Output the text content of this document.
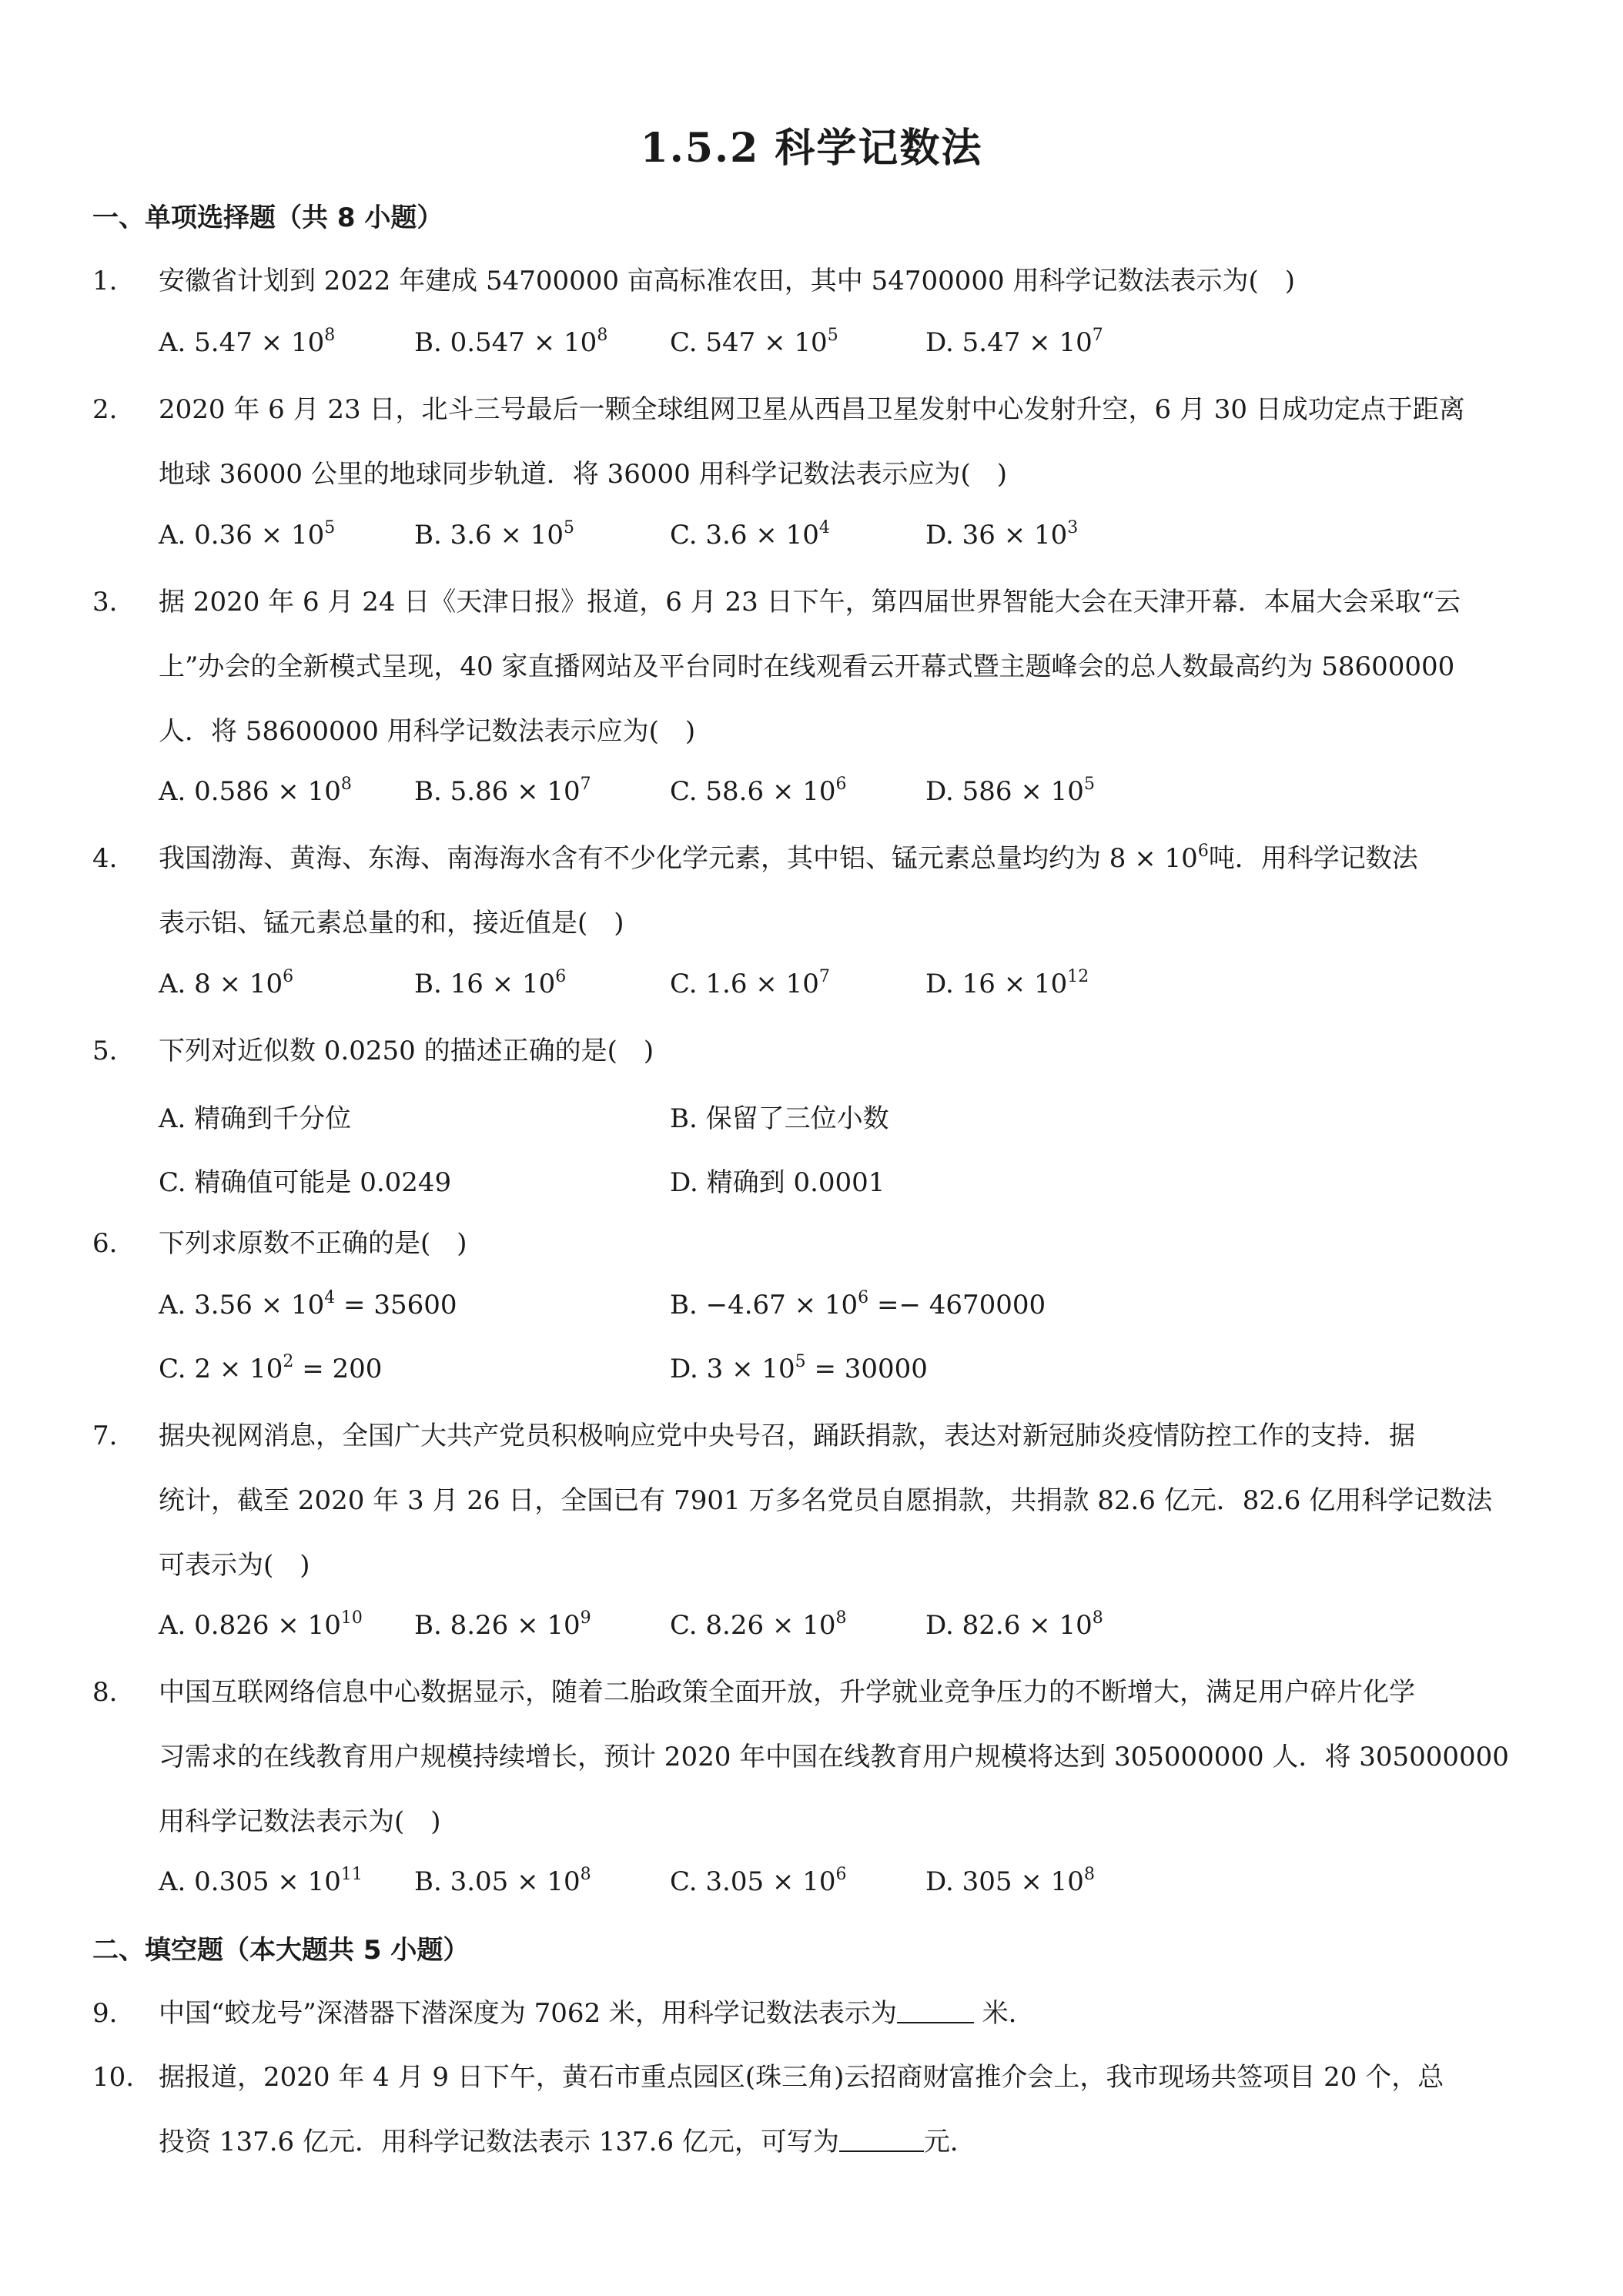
1.5.2 科学记数法
一、单项选择题（共 8 小题）
1.	安徽省计划到 2022 年建成 54700000 亩高标准农田，其中 54700000 用科学记数法表示为(　)
A. $5.47 \times 10^8$	B. $0.547 \times 10^8$ C. $547 \times 10^5$	D. $5.47 \times 10^7$
2.	2020 年 6 月 23 日，北斗三号最后一颗全球组网卫星从西昌卫星发射中心发射升空，6 月 30 日成功定点于距离
地球 36000 公里的地球同步轨道．将 36000 用科学记数法表示应为(　)
A. $0.36 \times 10^5$	B. $3.6 \times 10^5$	C. $3.6 \times 10^4$	D. $36 \times 10^3$
3.	据 2020 年 6 月 24 日《天津日报》报道，6 月 23 日下午，第四届世界智能大会在天津开幕．本届大会采取“云
上”办会的全新模式呈现，40 家直播网站及平台同时在线观看云开幕式暨主题峰会的总人数最高约为 58600000
人．将 58600000 用科学记数法表示应为(　)
A. $0.586 \times 10^8$ B. $5.86 \times 10^7$	C. $58.6 \times 10^6$	D. $586 \times 10^5$
4.	我国渤海、黄海、东海、南海海水含有不少化学元素，其中铝、锰元素总量均约为 $8 \times 10^6$吨．用科学记数法
表示铝、锰元素总量的和，接近值是(　)
A. $8 \times 10^6$	B. $16 \times 10^6$	C. $1.6 \times 10^7$	D. $16 \times 10^{12}$
5.	下列对近似数 0.0250 的描述正确的是(　)
A. 精确到千分位	B. 保留了三位小数
C. 精确值可能是 0.0249	D. 精确到 0.0001
6.	下列求原数不正确的是(　)
A. $3.56 \times 10^4 = 35600$	B. $-4.67 \times 10^6 =- 4670000$
C. $2 \times 10^2 = 200$	D. $3 \times 10^5 = 30000$
7.	据央视网消息，全国广大共产党员积极响应党中央号召，踊跃捐款，表达对新冠肺炎疫情防控工作的支持．据
统计，截至 2020 年 3 月 26 日，全国已有 7901 万多名党员自愿捐款，共捐款 82.6 亿元．82.6 亿用科学记数法
可表示为(　)
A. $0.826 \times 10^{10}$ B. $8.26 \times 10^9$	C. $8.26 \times 10^8$	D. $82.6 \times 10^8$
8.	中国互联网络信息中心数据显示，随着二胎政策全面开放，升学就业竞争压力的不断增大，满足用户碎片化学
习需求的在线教育用户规模持续增长，预计 2020 年中国在线教育用户规模将达到 305000000 人．将 305000000
用科学记数法表示为(　)
A. $0.305 \times 10^{11}$ B. $3.05 \times 10^8$	C. $3.05 \times 10^6$	D. $305 \times 10^8$
二、填空题（本大题共 5 小题）
9.	中国“蛟龙号”深潜器下潜深度为 7062 米，用科学记数法表示为	米．
10. 据报道，2020 年 4 月 9 日下午，黄石市重点园区(珠三角)云招商财富推介会上，我市现场共签项目 20 个，总
投资 137.6 亿元．用科学记数法表示 137.6 亿元，可写为	元．
